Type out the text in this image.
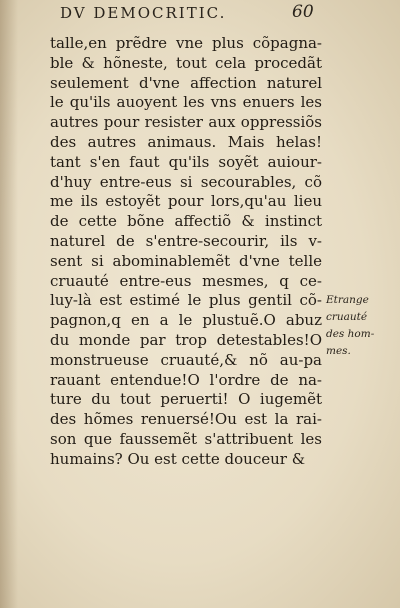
DV DEMOCRITIC.	60
talle,en prẽdre vne plus cõpagna-
ble & hõneste, tout cela procedãt
seulement d'vne affection naturel
le qu'ils auoyent les vns enuers les
autres pour resister aux oppressiõs
des autres animaus. Mais helas!
tant s'en faut qu'ils soyẽt auiour-
d'huy entre-eus si secourables, cõ
me ils estoyẽt pour lors,qu'au lieu
de cette bõne affectiõ & instinct
naturel de s'entre-secourir, ils v-
sent si abominablemẽt d'vne telle
cruauté entre-eus mesmes, q ce-
luy-là est estimé le plus gentil cõ-
pagnon,q en a le plustuẽ.O abuz
du monde par trop detestables!O
monstrueuse cruauté,& nõ au-pa
rauant entendue!O l'ordre de na-
ture du tout peruerti! O iugemẽt
des hõmes renuersé!Ou est la rai-
son que faussemẽt s'attribuent les
humains? Ou est cette douceur &
Etrange
cruauté
des hom-
mes.
